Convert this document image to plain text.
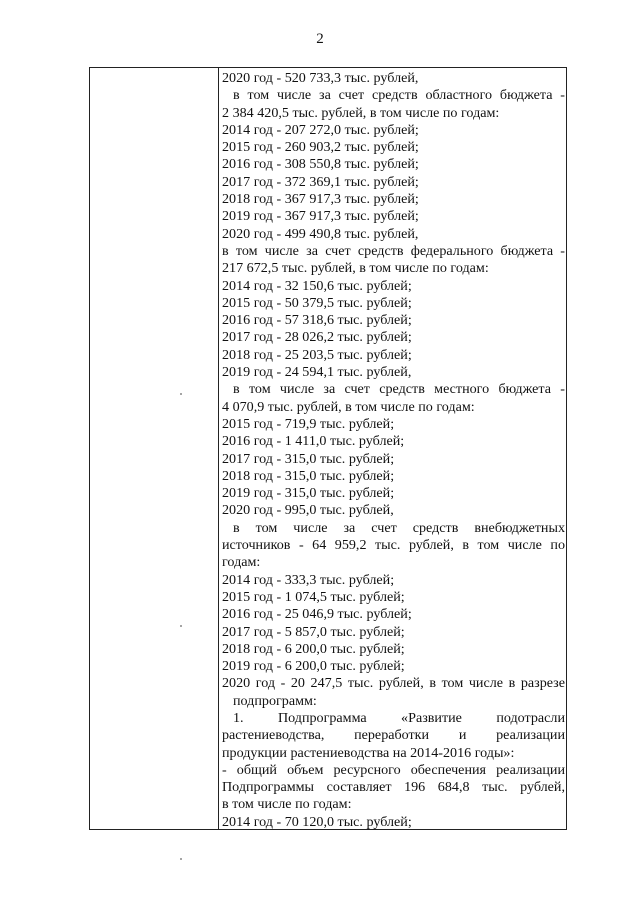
2
2020 год - 520 733,3 тыс. рублей,
в том числе за счет средств областного бюджета -
2 384 420,5 тыс. рублей, в том числе по годам:
2014 год - 207 272,0 тыс. рублей;
2015 год - 260 903,2 тыс. рублей;
2016 год - 308 550,8 тыс. рублей;
2017 год - 372 369,1 тыс. рублей;
2018 год - 367 917,3 тыс. рублей;
2019 год - 367 917,3 тыс. рублей;
2020 год - 499 490,8 тыс. рублей,
в том числе за счет средств федерального бюджета -
217 672,5 тыс. рублей, в том числе по годам:
2014 год - 32 150,6 тыс. рублей;
2015 год - 50 379,5 тыс. рублей;
2016 год - 57 318,6 тыс. рублей;
2017 год - 28 026,2 тыс. рублей;
2018 год - 25 203,5 тыс. рублей;
2019 год - 24 594,1 тыс. рублей,
в том числе за счет средств местного бюджета -
4 070,9 тыс. рублей, в том числе по годам:
2015 год - 719,9 тыс. рублей;
2016 год - 1 411,0 тыс. рублей;
2017 год - 315,0 тыс. рублей;
2018 год - 315,0 тыс. рублей;
2019 год - 315,0 тыс. рублей;
2020 год - 995,0 тыс. рублей,
в том числе за счет средств внебюджетных
источников - 64 959,2 тыс. рублей, в том числе по
годам:
2014 год - 333,3 тыс. рублей;
2015 год - 1 074,5 тыс. рублей;
2016 год - 25 046,9 тыс. рублей;
2017 год - 5 857,0 тыс. рублей;
2018 год - 6 200,0 тыс. рублей;
2019 год - 6 200,0 тыс. рублей;
2020 год - 20 247,5 тыс. рублей, в том числе в разрезе
подпрограмм:
1. Подпрограмма «Развитие подотрасли
растениеводства, переработки и реализации
продукции растениеводства на 2014-2016 годы»:
- общий объем ресурсного обеспечения реализации
Подпрограммы составляет 196 684,8 тыс. рублей,
в том числе по годам:
2014 год - 70 120,0 тыс. рублей;
